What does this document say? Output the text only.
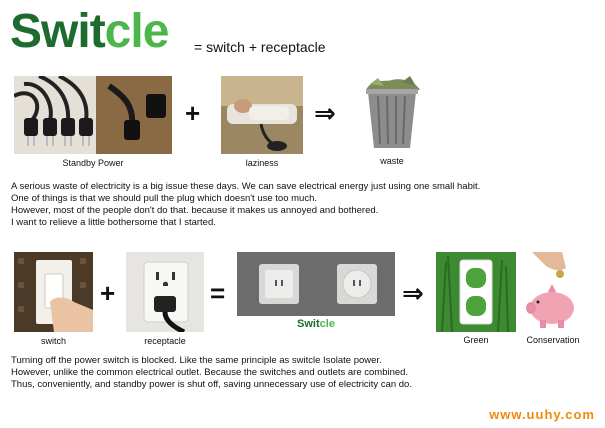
Switcle = switch + receptacle
Standby Power
+
laziness
⇒
waste
A serious waste of electricity is a big issue these days. We can save electrical energy just using one small habit.
One of things is that we should pull the plug which doesn't use too much.
However, most of the people don't do that. because it makes us annoyed and bothered.
I want to relieve a little bothersome that I started.
switch
+
receptacle
=
Switcle
⇒
Green	Conservation
Turning off the power switch is blocked. Like the same principle as switcle Isolate power.
However, unlike the common electrical outlet. Because the switches and outlets are combined.
Thus, conveniently, and standby power is shut off, saving unnecessary use of electricity can do.
www.uuhy.com
